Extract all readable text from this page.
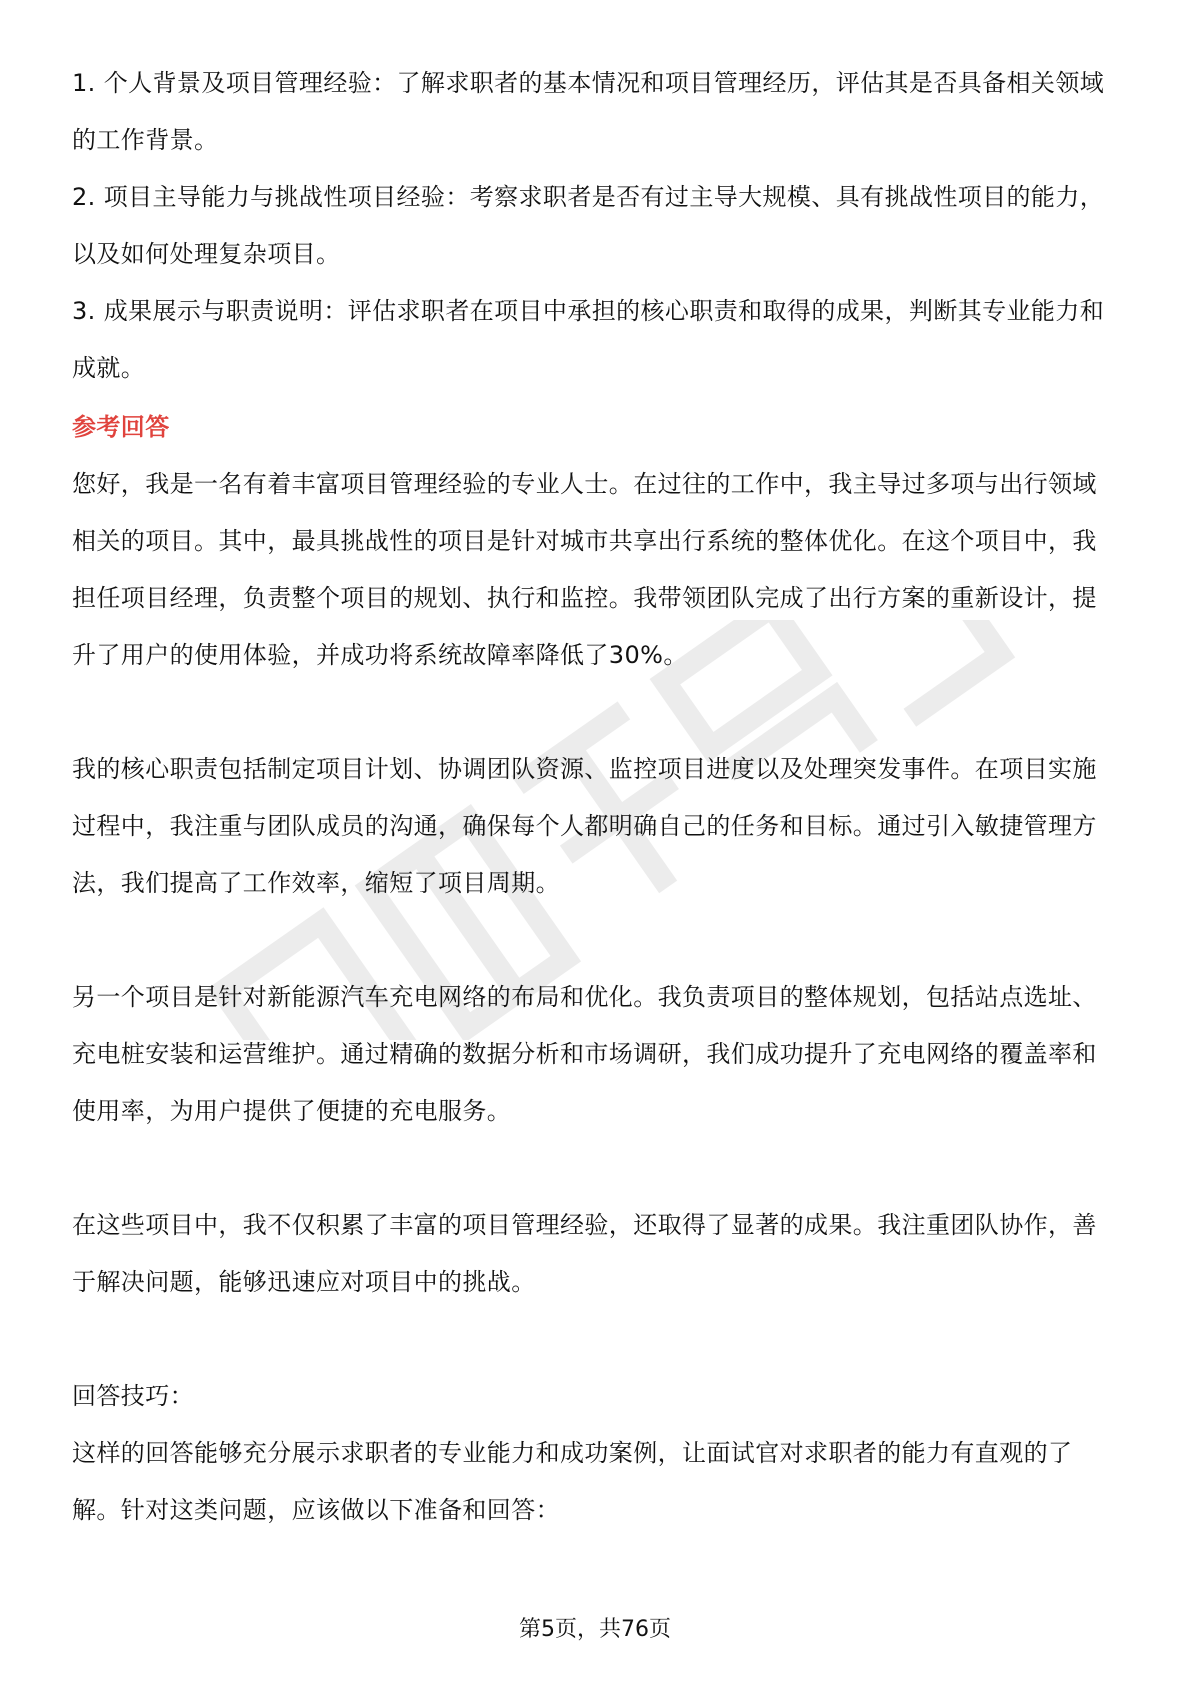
1. 个人背景及项目管理经验：了解求职者的基本情况和项目管理经历，评估其是否具备相关领域的工作背景。

2. 项目主导能力与挑战性项目经验：考察求职者是否有过主导大规模、具有挑战性项目的能力，以及如何处理复杂项目。

3. 成果展示与职责说明：评估求职者在项目中承担的核心职责和取得的成果，判断其专业能力和成就。

参考回答

您好，我是一名有着丰富项目管理经验的专业人士。在过往的工作中，我主导过多项与出行领域相关的项目。其中，最具挑战性的项目是针对城市共享出行系统的整体优化。在这个项目中，我担任项目经理，负责整个项目的规划、执行和监控。我带领团队完成了出行方案的重新设计，提升了用户的使用体验，并成功将系统故障率降低了30%。

我的核心职责包括制定项目计划、协调团队资源、监控项目进度以及处理突发事件。在项目实施过程中，我注重与团队成员的沟通，确保每个人都明确自己的任务和目标。通过引入敏捷管理方法，我们提高了工作效率，缩短了项目周期。

另一个项目是针对新能源汽车充电网络的布局和优化。我负责项目的整体规划，包括站点选址、充电桩安装和运营维护。通过精确的数据分析和市场调研，我们成功提升了充电网络的覆盖率和使用率，为用户提供了便捷的充电服务。

在这些项目中，我不仅积累了丰富的项目管理经验，还取得了显著的成果。我注重团队协作，善于解决问题，能够迅速应对项目中的挑战。

回答技巧：

这样的回答能够充分展示求职者的专业能力和成功案例，让面试官对求职者的能力有直观的了解。针对这类问题，应该做以下准备和回答：

第5页，共76页
